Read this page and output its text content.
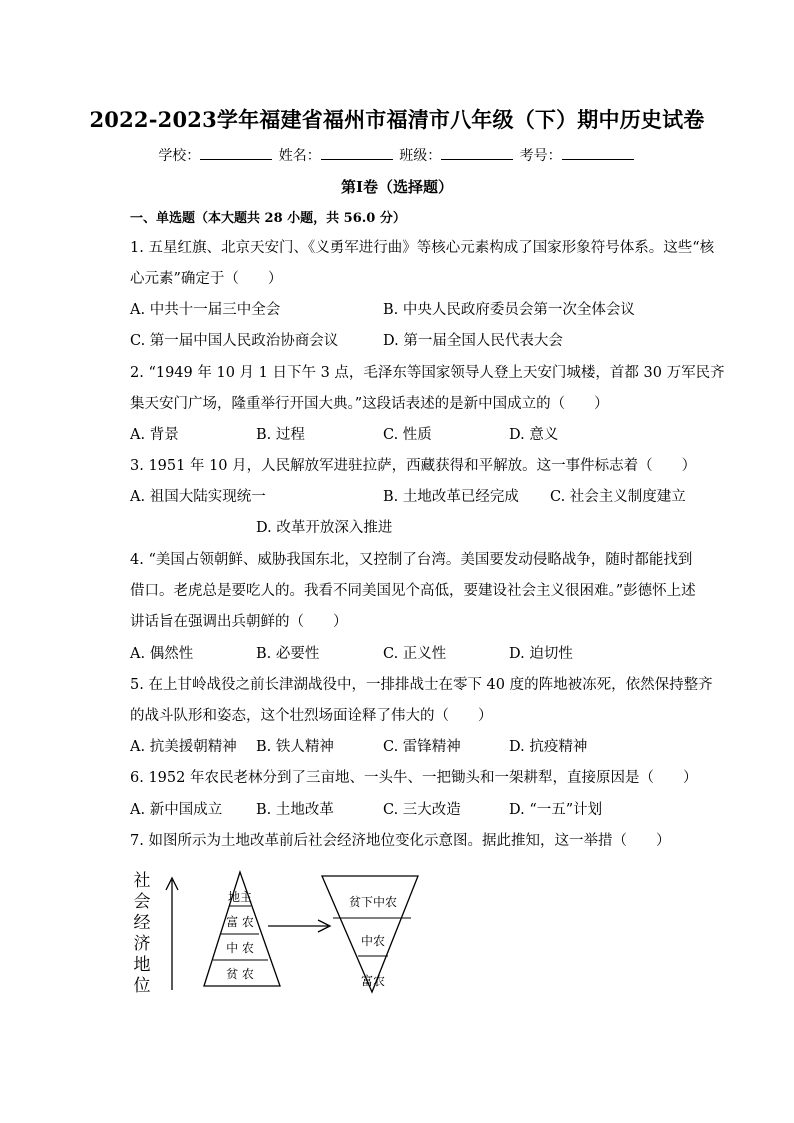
2022-2023学年福建省福州市福清市八年级（下）期中历史试卷
学校：	姓名：	班级：	考号：
第Ⅰ卷（选择题）
一、单选题（本大题共 28 小题，共 56.0 分）
1. 五星红旗、北京天安门、《义勇军进行曲》等核心元素构成了国家形象符号体系。这些“核
心元素”确定于（　　）
A. 中共十一届三中全会	B. 中央人民政府委员会第一次全体会议
C. 第一届中国人民政治协商会议	D. 第一届全国人民代表大会
2. “1949 年 10 月 1 日下午 3 点，毛泽东等国家领导人登上天安门城楼，首都 30 万军民齐
集天安门广场，隆重举行开国大典。”这段话表述的是新中国成立的（　　）
A. 背景	B. 过程	C. 性质	D. 意义
3. 1951 年 10 月，人民解放军进驻拉萨，西藏获得和平解放。这一事件标志着（　　）
A. 祖国大陆实现统一	B. 土地改革已经完成 C. 社会主义制度建立
D. 改革开放深入推进
4. “美国占领朝鲜、威胁我国东北，又控制了台湾。美国要发动侵略战争，随时都能找到
借口。老虎总是要吃人的。我看不同美国见个高低，要建设社会主义很困难。”彭德怀上述
讲话旨在强调出兵朝鲜的（　　）
A. 偶然性	B. 必要性	C. 正义性	D. 迫切性
5. 在上甘岭战役之前长津湖战役中，一排排战士在零下 40 度的阵地被冻死，依然保持整齐
的战斗队形和姿态，这个壮烈场面诠释了伟大的（　　）
A. 抗美援朝精神 B. 铁人精神	C. 雷锋精神	D. 抗疫精神
6. 1952 年农民老林分到了三亩地、一头牛、一把锄头和一架耕犁，直接原因是（　　）
A. 新中国成立 B. 土地改革	C. 三大改造	D. “一五”计划
7. 如图所示为土地改革前后社会经济地位变化示意图。据此推知，这一举措（　　）
社
会
经
济
地
位
地主
富 农
中 农
贫 农
贫下中农
中农
富农
